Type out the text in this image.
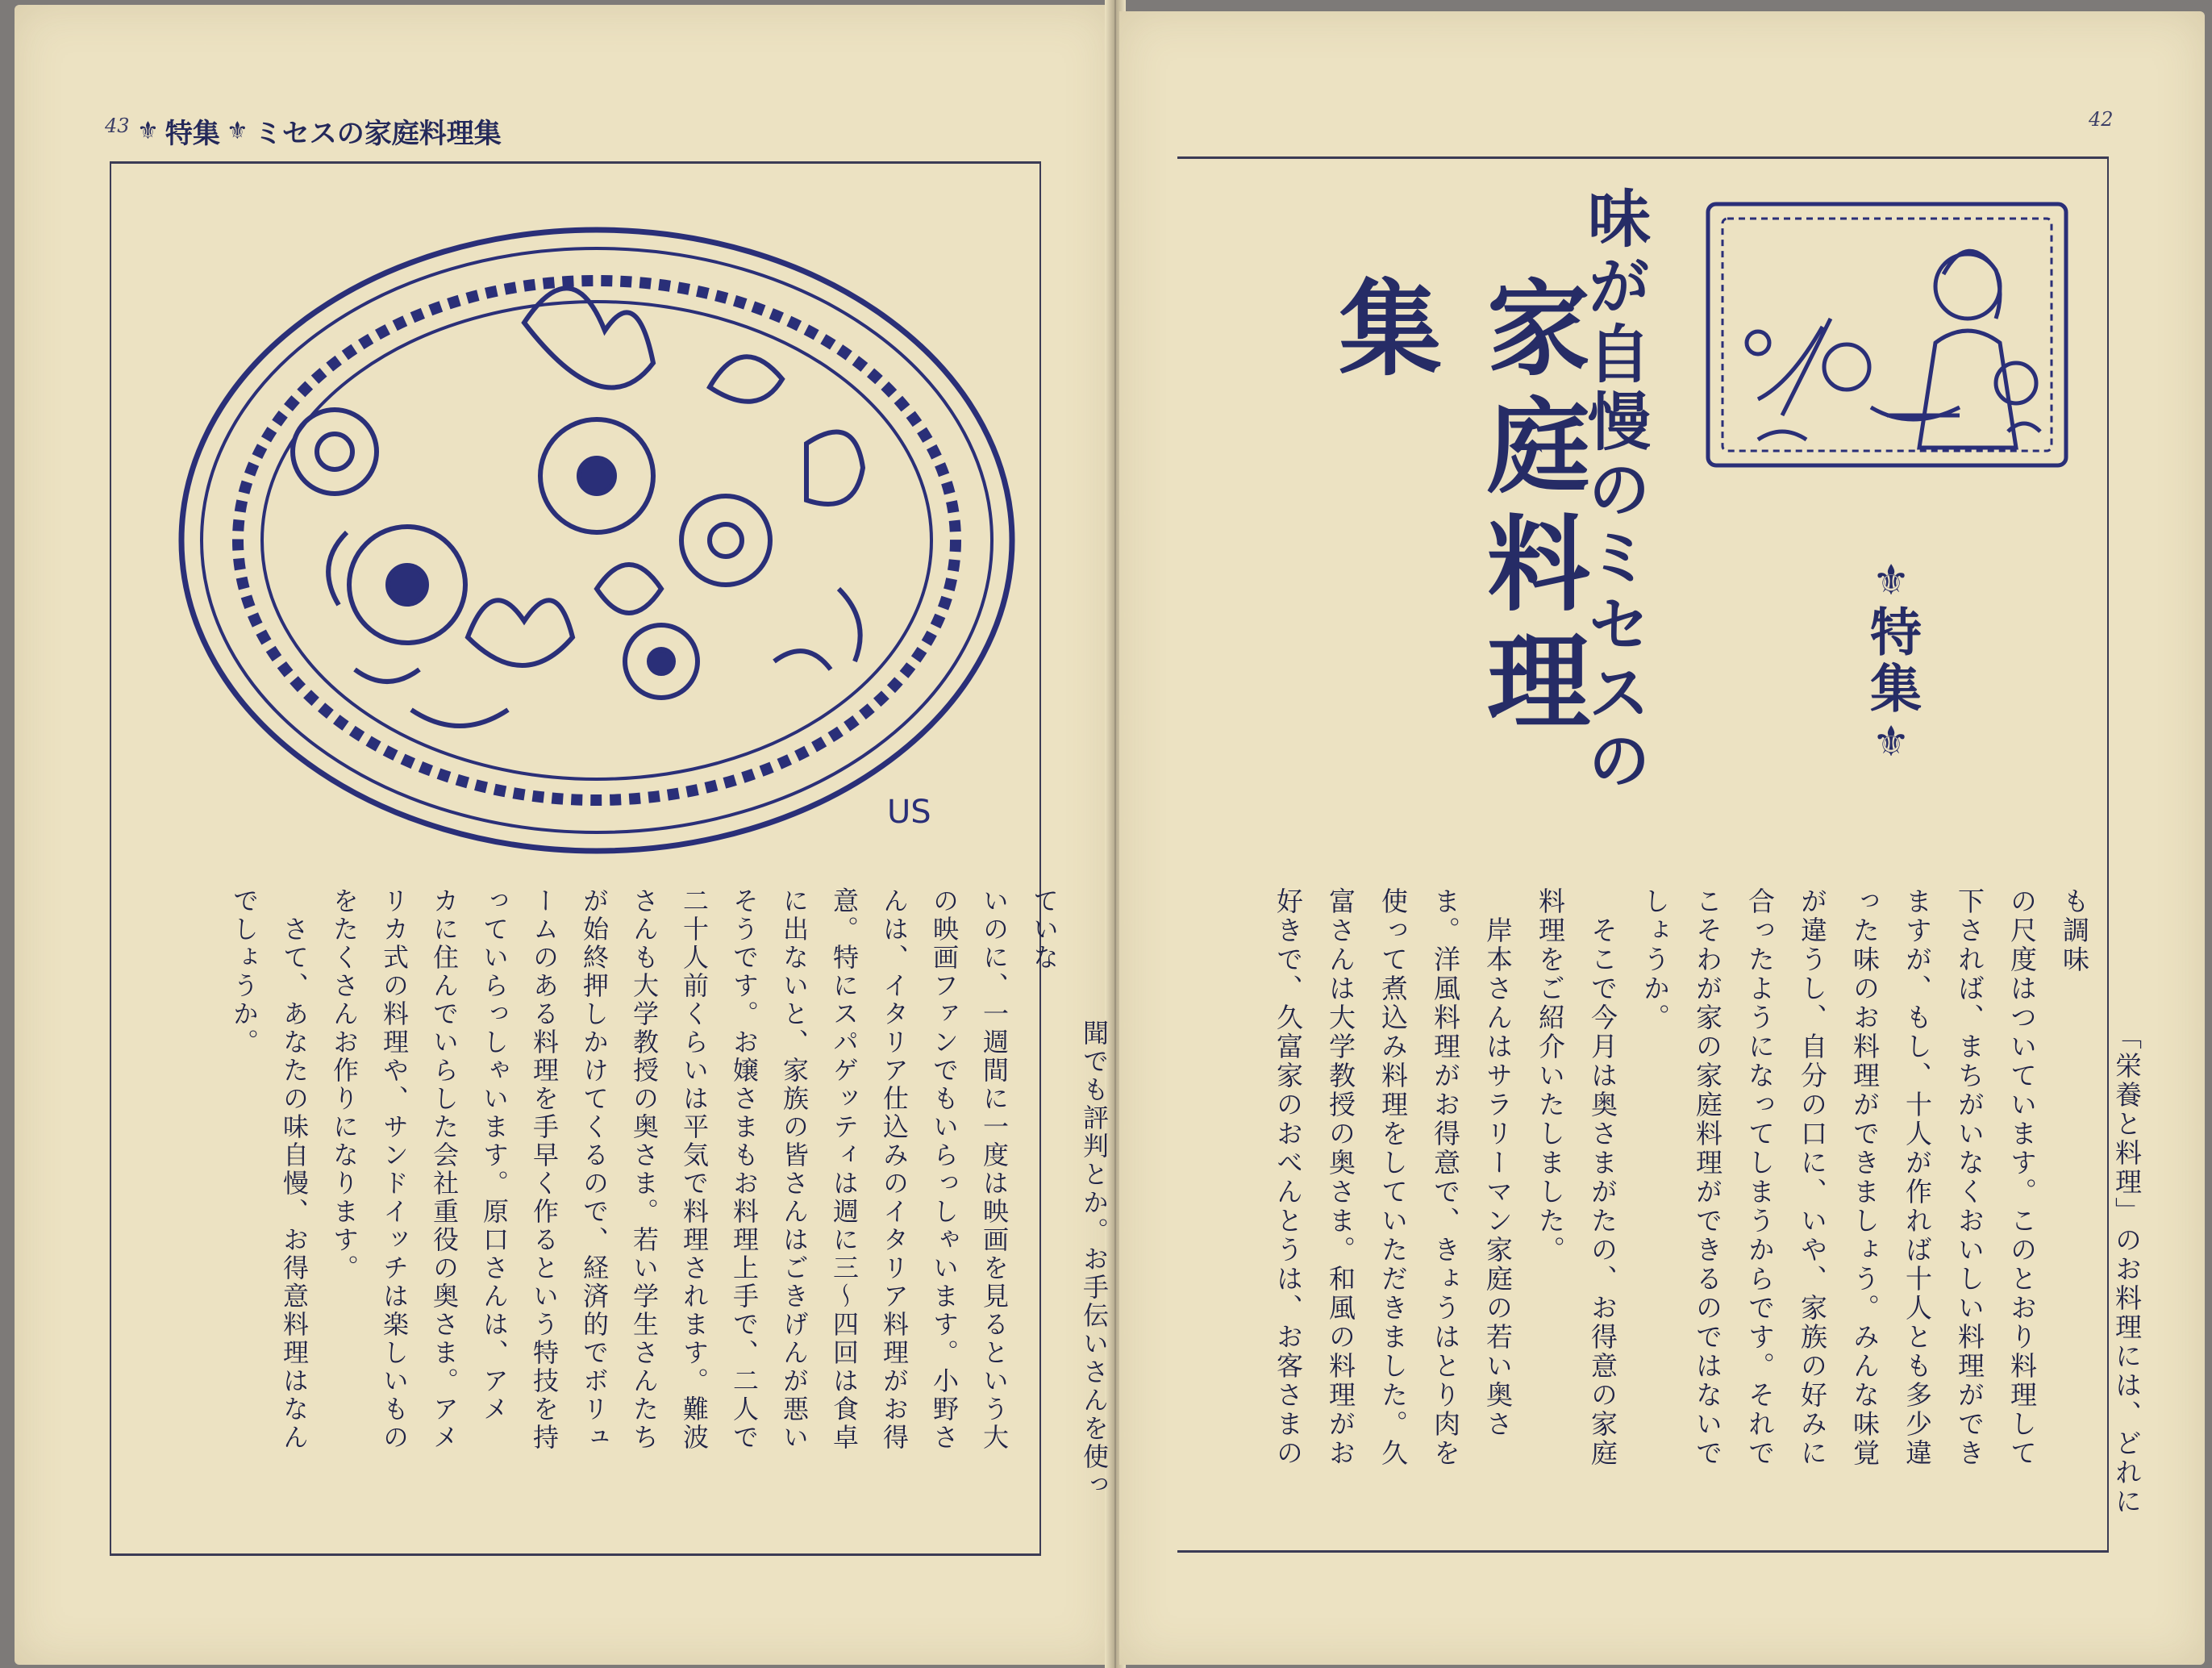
43 ⚜ 特集 ⚜ ミセスの家庭料理集
US

聞でも評判とか。お手伝いさんを使っていな
いのに、一週間に一度は映画を見るという大
の映画ファンでもいらっしゃいます。小野さ
んは、イタリア仕込みのイタリア料理がお得
意。特にスパゲッティは週に三〜四回は食卓
に出ないと、家族の皆さんはごきげんが悪い
そうです。お嬢さまもお料理上手で、二人で
二十人前くらいは平気で料理されます。難波
さんも大学教授の奥さま。若い学生さんたち
が始終押しかけてくるので、経済的でボリュ
ームのある料理を手早く作るという特技を持
っていらっしゃいます。原口さんは、アメ
カに住んでいらした会社重役の奥さま。アメ
リカ式の料理や、サンドイッチは楽しいもの
をたくさんお作りになります。
　さて、あなたの味自慢、お得意料理はなん
でしょうか。

42
味が自慢のミセスの
家庭料理集
⚜
特集
⚜

「栄養と料理」のお料理には、どれにも調味
の尺度はついています。このとおり料理して
下されば、まちがいなくおいしい料理ができ
ますが、もし、十人が作れば十人とも多少違
った味のお料理ができましょう。みんな味覚
が違うし、自分の口に、いや、家族の好みに
合ったようになってしまうからです。それで
こそわが家の家庭料理ができるのではないで
しょうか。
　そこで今月は奥さまがたの、お得意の家庭
料理をご紹介いたしました。
　岸本さんはサラリーマン家庭の若い奥さ
ま。洋風料理がお得意で、きょうはとり肉を
使って煮込み料理をしていただきました。久
富さんは大学教授の奥さま。和風の料理がお
好きで、久富家のおべんとうは、お客さまの
